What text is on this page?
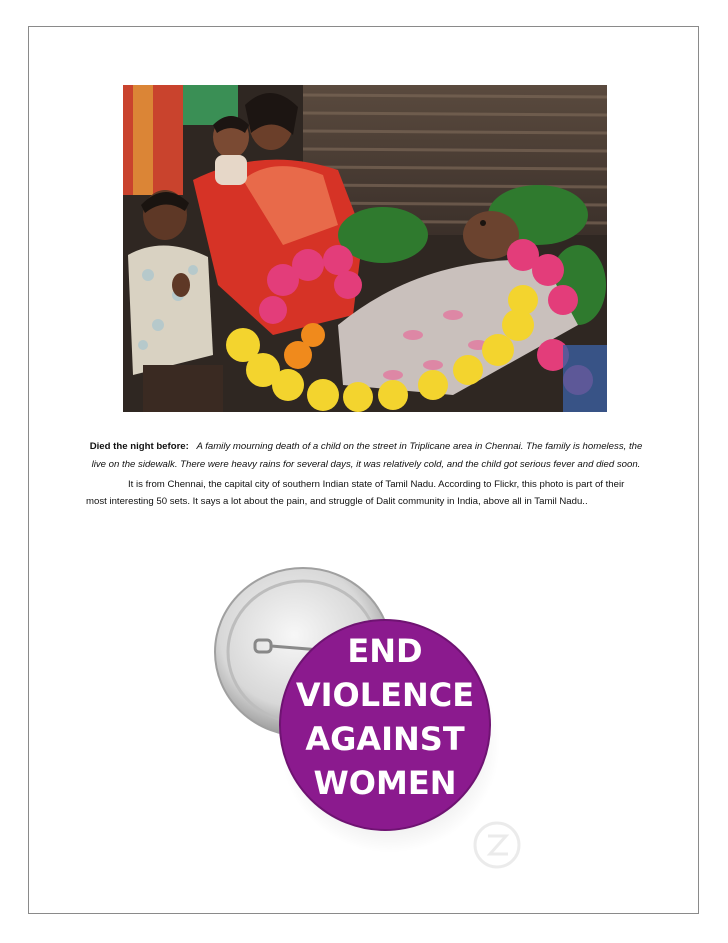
Died the night before: A family mourning death of a child on the street in Triplicane area in Chennai. The family is homeless, the live on the sidewalk. There were heavy rains for several days, it was relatively cold, and the child got serious fever and died soon.
It is from Chennai, the capital city of southern Indian state of Tamil Nadu. According to Flickr, this photo is part of their most interesting 50 sets. It says a lot about the pain, and struggle of Dalit community in India, above all in Tamil Nadu..
END
VIOLENCE
AGAINST
WOMEN
